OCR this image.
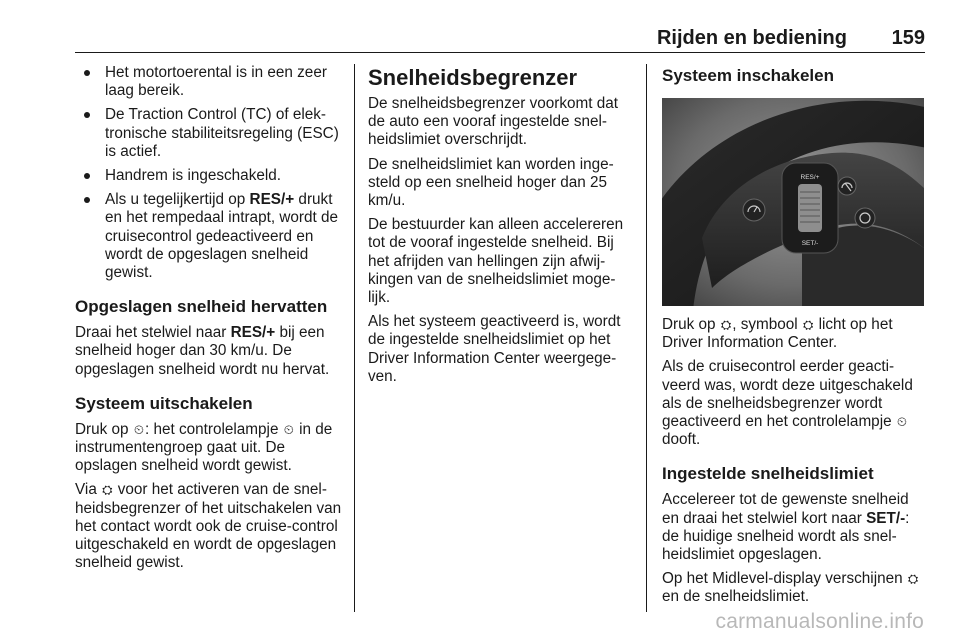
Rijden en bediening 159
Het motortoerental is in een zeer laag bereik.
De Traction Control (TC) of elek-tronische stabiliteitsregeling (ESC) is actief.
Handrem is ingeschakeld.
Als u tegelijkertijd op RES/+ drukt en het rempedaal intrapt, wordt de cruisecontrol gedeactiveerd en wordt de opgeslagen snelheid gewist.
Opgeslagen snelheid hervatten

Draai het stelwiel naar RES/+ bij een snelheid hoger dan 30 km/u. De opgeslagen snelheid wordt nu hervat.

Systeem uitschakelen

Druk op ⏲: het controlelampje ⏲ in de instrumentengroep gaat uit. De opslagen snelheid wordt gewist.

Via ⛭ voor het activeren van de snel-heidsbegrenzer of het uitschakelen van het contact wordt ook de cruise-control uitgeschakeld en wordt de opgeslagen snelheid gewist.

Snelheidsbegrenzer

De snelheidsbegrenzer voorkomt dat de auto een vooraf ingestelde snel-heidslimiet overschrijdt.

De snelheidslimiet kan worden inge-steld op een snelheid hoger dan 25 km/u.

De bestuurder kan alleen accelereren tot de vooraf ingestelde snelheid. Bij het afrijden van hellingen zijn afwij-kingen van de snelheidslimiet moge-lijk.

Als het systeem geactiveerd is, wordt de ingestelde snelheidslimiet op het Driver Information Center weergege-ven.

Systeem inschakelen
RES/+
SET/-

Druk op ⛭, symbool ⛭ licht op het Driver Information Center.

Als de cruisecontrol eerder geacti-veerd was, wordt deze uitgeschakeld als de snelheidsbegrenzer wordt geactiveerd en het controlelampje ⏲ dooft.

Ingestelde snelheidslimiet

Accelereer tot de gewenste snelheid en draai het stelwiel kort naar SET/-: de huidige snelheid wordt als snel-heidslimiet opgeslagen.

Op het Midlevel-display verschijnen ⛭ en de snelheidslimiet.

carmanualsonline.info
